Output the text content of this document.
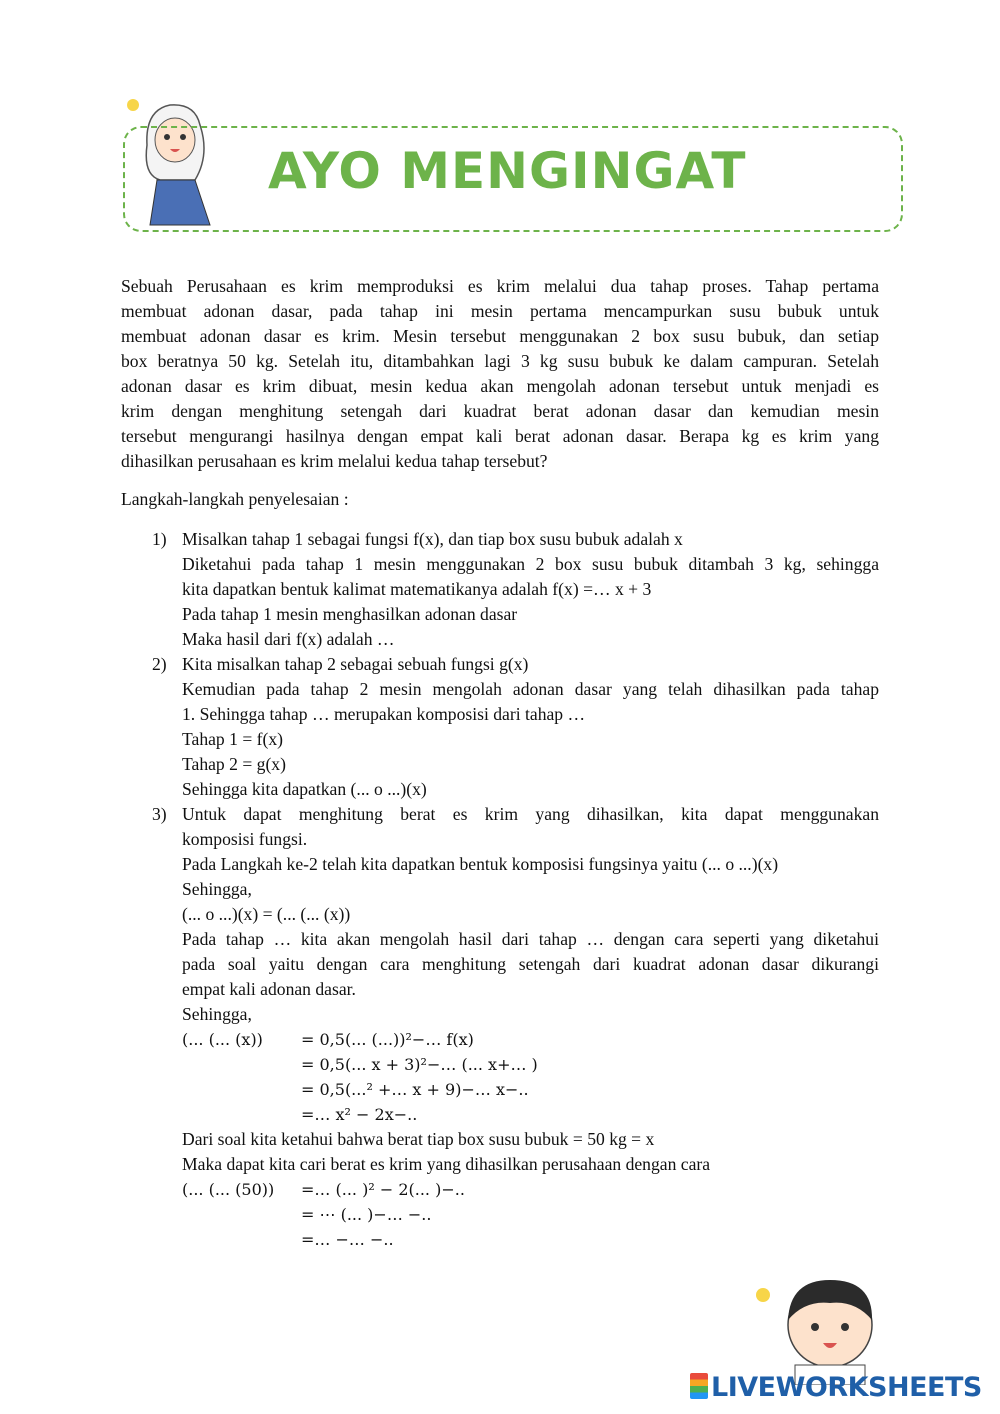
AYO MENGINGAT
Sebuah Perusahaan es krim memproduksi es krim melalui dua tahap proses. Tahap pertama
membuat adonan dasar, pada tahap ini mesin pertama mencampurkan susu bubuk untuk
membuat adonan dasar es krim. Mesin tersebut menggunakan 2 box susu bubuk, dan setiap
box beratnya 50 kg. Setelah itu, ditambahkan lagi 3 kg susu bubuk ke dalam campuran. Setelah
adonan dasar es krim dibuat, mesin kedua akan mengolah adonan tersebut untuk menjadi es
krim dengan menghitung setengah dari kuadrat berat adonan dasar dan kemudian mesin
tersebut mengurangi hasilnya dengan empat kali berat adonan dasar. Berapa kg es krim yang
dihasilkan perusahaan es krim melalui kedua tahap tersebut?
Langkah-langkah penyelesaian :
1) Misalkan tahap 1 sebagai fungsi f(x), dan tiap box susu bubuk adalah x
Diketahui pada tahap 1 mesin menggunakan 2 box susu bubuk ditambah 3 kg, sehingga
kita dapatkan bentuk kalimat matematikanya adalah f(x) =… x + 3
Pada tahap 1 mesin menghasilkan adonan dasar
Maka hasil dari f(x) adalah …
2) Kita misalkan tahap 2 sebagai sebuah fungsi g(x)
Kemudian pada tahap 2 mesin mengolah adonan dasar yang telah dihasilkan pada tahap
1. Sehingga tahap … merupakan komposisi dari tahap …
Tahap 1 = f(x)
Tahap 2 = g(x)
Sehingga kita dapatkan (... o ...)(x)
3) Untuk dapat menghitung berat es krim yang dihasilkan, kita dapat menggunakan
komposisi fungsi.
Pada Langkah ke-2 telah kita dapatkan bentuk komposisi fungsinya yaitu (... o ...)(x)
Sehingga,
(... o ...)(x) = (... (... (x))
Pada tahap … kita akan mengolah hasil dari tahap … dengan cara seperti yang diketahui
pada soal yaitu dengan cara menghitung setengah dari kuadrat adonan dasar dikurangi
empat kali adonan dasar.
Sehingga,
(... (... (x)) = 0,5(... (...))²−… f(x)
= 0,5(... x + 3)²−… (... x+… )
= 0,5(...² +… x + 9)−… x−..
=… x² − 2x−..
Dari soal kita ketahui bahwa berat tiap box susu bubuk = 50 kg = x
Maka dapat kita cari berat es krim yang dihasilkan perusahaan dengan cara
(... (... (50)) =… (... )² − 2(... )−..
= ⋯ (... )−… −..
=… −… −..
LIVEWORKSHEETS
